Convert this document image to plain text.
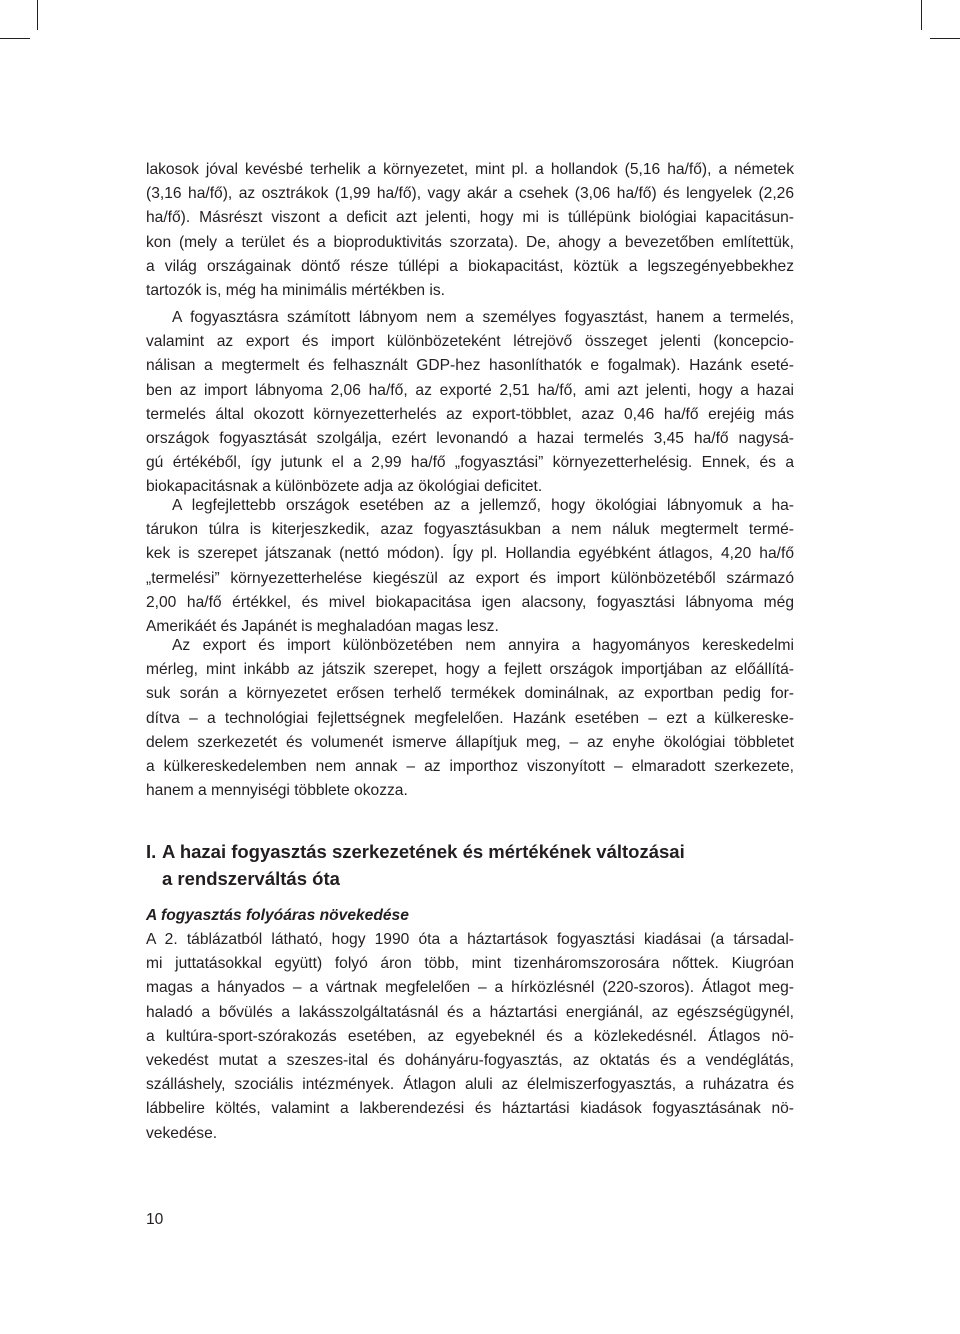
lakosok jóval kevésbé terhelik a környezetet, mint pl. a hollandok (5,16 ha/fő), a németek
(3,16 ha/fő), az osztrákok (1,99 ha/fő), vagy akár a csehek (3,06 ha/fő) és lengyelek (2,26
ha/fő). Másrészt viszont a deficit azt jelenti, hogy mi is túllépünk biológiai kapacitásun-
kon (mely a terület és a bioproduktivitás szorzata). De, ahogy a bevezetőben említettük,
a világ országainak döntő része túllépi a biokapacitást, köztük a legszegényebbekhez
tartozók is, még ha minimális mértékben is.
A fogyasztásra számított lábnyom nem a személyes fogyasztást, hanem a termelés,
valamint az export és import különbözeteként létrejövő összeget jelenti (koncepcio-
nálisan a megtermelt és felhasznált GDP-hez hasonlíthatók e fogalmak). Hazánk eseté-
ben az import lábnyoma 2,06 ha/fő, az exporté 2,51 ha/fő, ami azt jelenti, hogy a hazai
termelés által okozott környezetterhelés az export-többlet, azaz 0,46 ha/fő erejéig más
országok fogyasztását szolgálja, ezért levonandó a hazai termelés 3,45 ha/fő nagysá-
gú értékéből, így jutunk el a 2,99 ha/fő „fogyasztási” környezetterhelésig. Ennek, és a
biokapacitásnak a különbözete adja az ökológiai deficitet.
A legfejlettebb országok esetében az a jellemző, hogy ökológiai lábnyomuk a ha-
tárukon túlra is kiterjeszkedik, azaz fogyasztásukban a nem náluk megtermelt termé-
kek is szerepet játszanak (nettó módon). Így pl. Hollandia egyébként átlagos, 4,20 ha/fő
„termelési” környezetterhelése kiegészül az export és import különbözetéből származó
2,00 ha/fő értékkel, és mivel biokapacitása igen alacsony, fogyasztási lábnyoma még
Amerikáét és Japánét is meghaladóan magas lesz.
Az export és import különbözetében nem annyira a hagyományos kereskedelmi
mérleg, mint inkább az játszik szerepet, hogy a fejlett országok importjában az előállítá-
suk során a környezetet erősen terhelő termékek dominálnak, az exportban pedig for-
dítva – a technológiai fejlettségnek megfelelően. Hazánk esetében – ezt a külkereske-
delem szerkezetét és volumenét ismerve állapítjuk meg, – az enyhe ökológiai többletet
a külkereskedelemben nem annak – az importhoz viszonyított – elmaradott szerkezete,
hanem a mennyiségi többlete okozza.
I. A hazai fogyasztás szerkezetének és mértékének változásai
a rendszerváltás óta
A fogyasztás folyóáras növekedése
A 2. táblázatból látható, hogy 1990 óta a háztartások fogyasztási kiadásai (a társadal-
mi juttatásokkal együtt) folyó áron több, mint tizenháromszorosára nőttek. Kiugróan
magas a hányados – a vártnak megfelelően – a hírközlésnél (220-szoros). Átlagot meg-
haladó a bővülés a lakásszolgáltatásnál és a háztartási energiánál, az egészségügynél,
a kultúra-sport-szórakozás esetében, az egyebeknél és a közlekedésnél. Átlagos nö-
vekedést mutat a szeszes-ital és dohányáru-fogyasztás, az oktatás és a vendéglátás,
szálláshely, szociális intézmények. Átlagon aluli az élelmiszerfogyasztás, a ruházatra és
lábbelire költés, valamint a lakberendezési és háztartási kiadások fogyasztásának nö-
vekedése.
10
